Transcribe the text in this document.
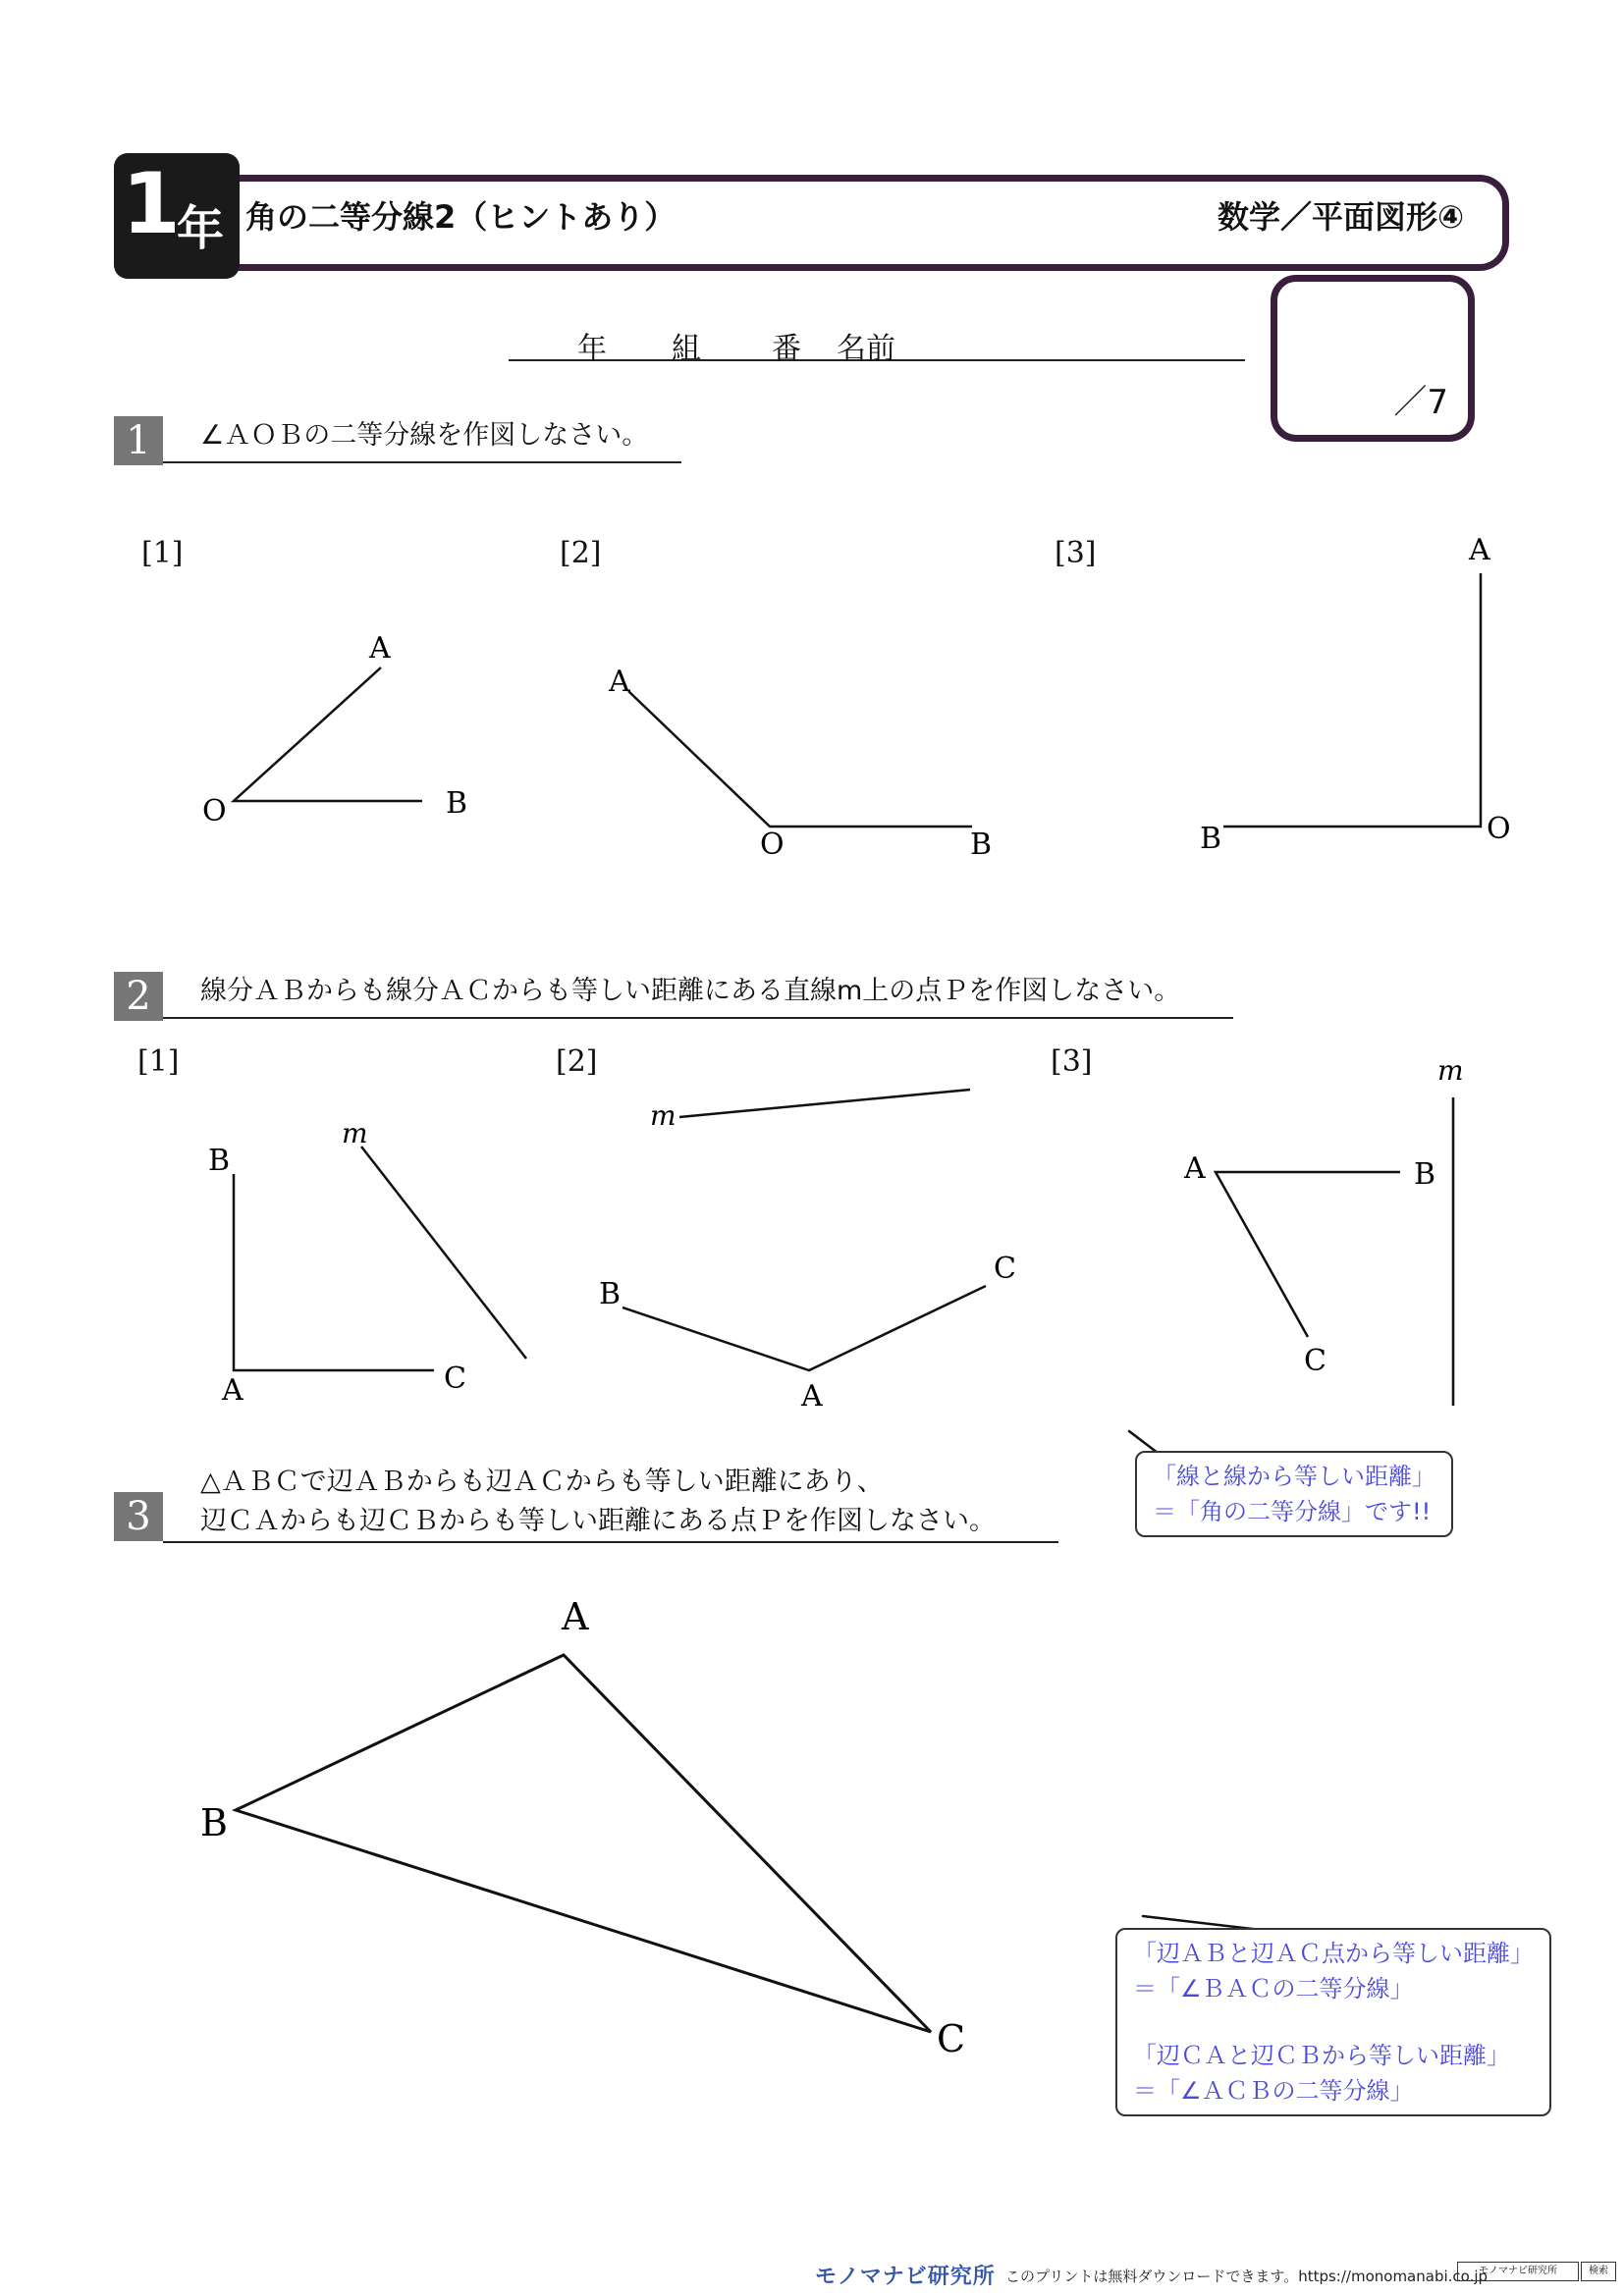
1
年 角の二等分線2（ヒントあり）	数学／平面図形④
／7
年 組 番 名前
1	∠ＡＯＢの二等分線を作図しなさい。
[1]	[2]	[3]
2	線分ＡＢからも線分ＡＣからも等しい距離にある直線m上の点Ｐを作図しなさい。
[1]	[2]	[3]
3
△ＡＢＣで辺ＡＢからも辺ＡＣからも等しい距離にあり、
辺ＣＡからも辺ＣＢからも等しい距離にある点Ｐを作図しなさい。
A
O	B
A
O	B
A
O
B
B
A	C
m
m
B
A
C
A	B
C
m
A
B
C
「線と線から等しい距離」
＝「角の二等分線」です!!
「辺ＡＢと辺ＡＣ点から等しい距離」
＝「∠ＢＡＣの二等分線」
「辺ＣＡと辺ＣＢから等しい距離」
＝「∠ＡＣＢの二等分線」
モノマナビ研究所 このプリントは無料ダウンロードできます。https://monomanabi.co.jp
モノマナビ研究所	検索
